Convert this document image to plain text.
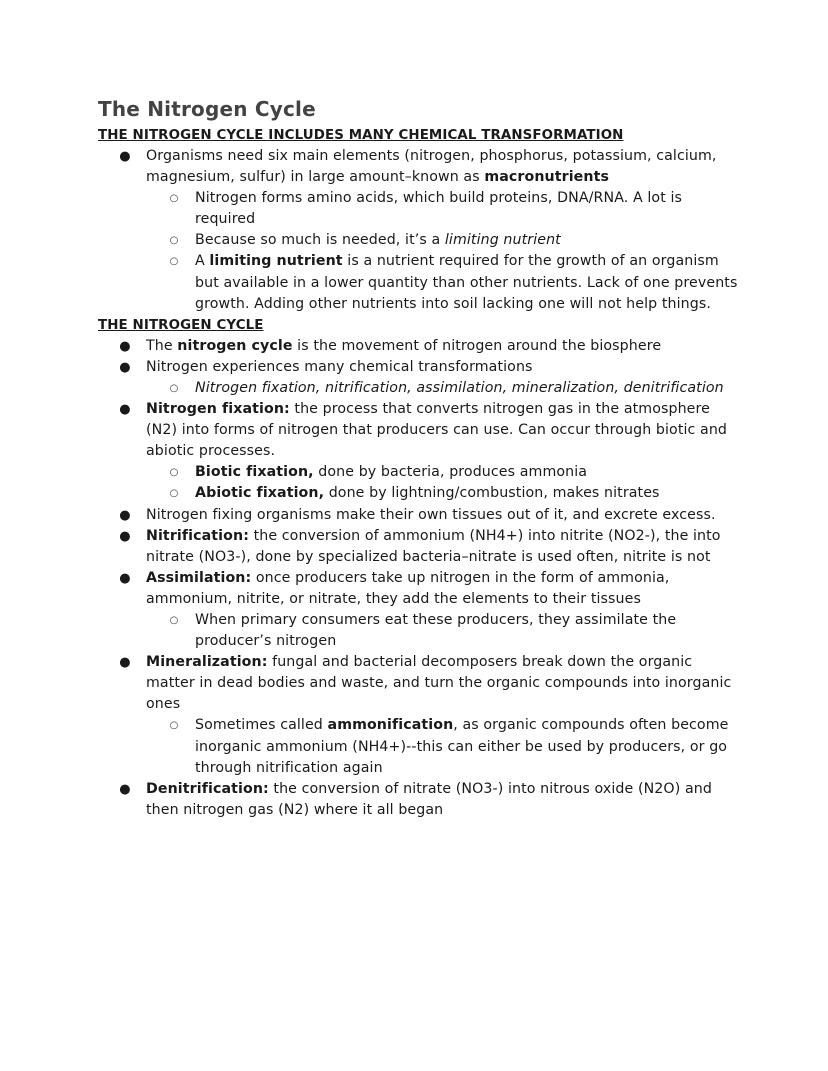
The Nitrogen Cycle
THE NITROGEN CYCLE INCLUDES MANY CHEMICAL TRANSFORMATION
● Organisms need six main elements (nitrogen, phosphorus, potassium, calcium, magnesium, sulfur) in large amount–known as macronutrients
○ Nitrogen forms amino acids, which build proteins, DNA/RNA. A lot is required
○ Because so much is needed, it’s a limiting nutrient
○ A limiting nutrient is a nutrient required for the growth of an organism but available in a lower quantity than other nutrients. Lack of one prevents growth. Adding other nutrients into soil lacking one will not help things.
THE NITROGEN CYCLE
● The nitrogen cycle is the movement of nitrogen around the biosphere
● Nitrogen experiences many chemical transformations
○ Nitrogen fixation, nitrification, assimilation, mineralization, denitrification
● Nitrogen fixation: the process that converts nitrogen gas in the atmosphere (N2) into forms of nitrogen that producers can use. Can occur through biotic and abiotic processes.
○ Biotic fixation, done by bacteria, produces ammonia
○ Abiotic fixation, done by lightning/combustion, makes nitrates
● Nitrogen fixing organisms make their own tissues out of it, and excrete excess.
● Nitrification: the conversion of ammonium (NH4+) into nitrite (NO2-), the into nitrate (NO3-), done by specialized bacteria–nitrate is used often, nitrite is not
● Assimilation: once producers take up nitrogen in the form of ammonia, ammonium, nitrite, or nitrate, they add the elements to their tissues
○ When primary consumers eat these producers, they assimilate the producer’s nitrogen
● Mineralization: fungal and bacterial decomposers break down the organic matter in dead bodies and waste, and turn the organic compounds into inorganic ones
○ Sometimes called ammonification, as organic compounds often become inorganic ammonium (NH4+)--this can either be used by producers, or go through nitrification again
● Denitrification: the conversion of nitrate (NO3-) into nitrous oxide (N2O) and then nitrogen gas (N2) where it all began
